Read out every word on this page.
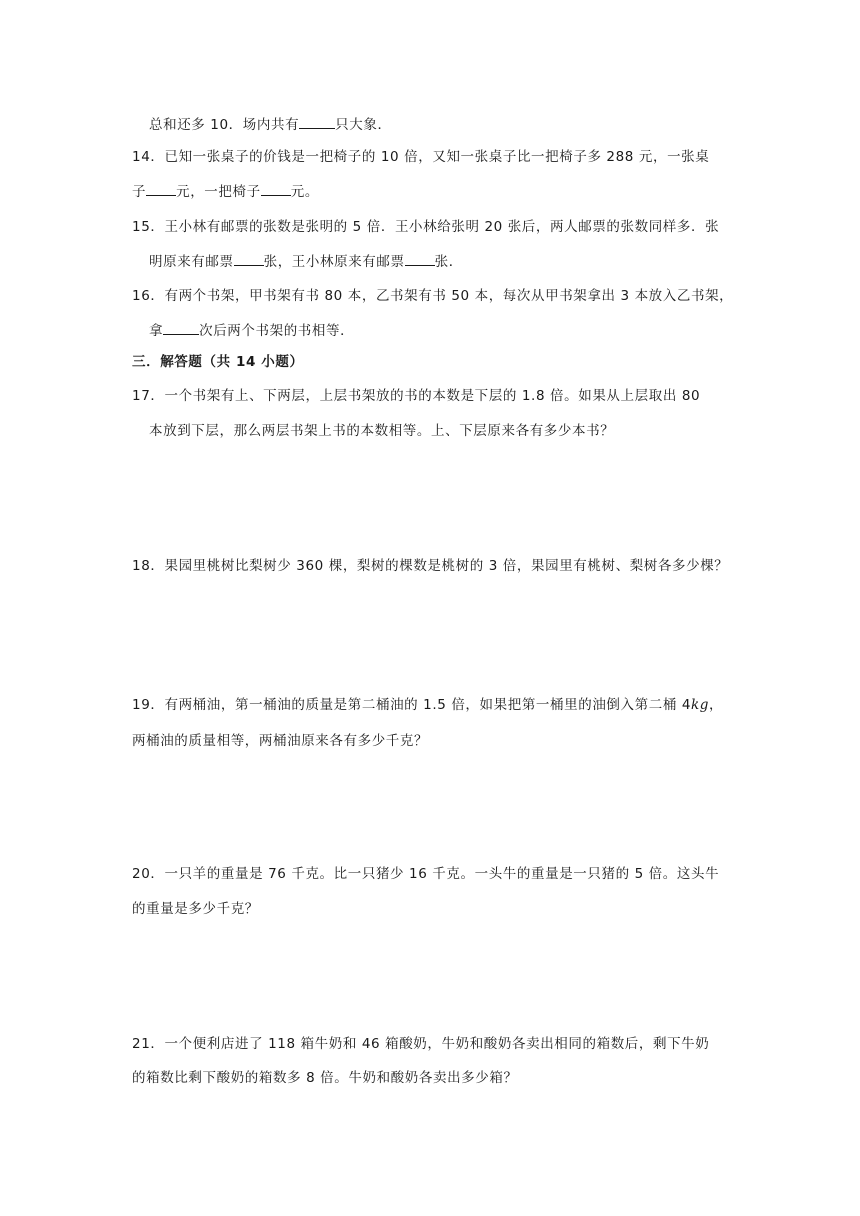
总和还多 10．场内共有	只大象．
14．已知一张桌子的价钱是一把椅子的 10 倍，又知一张桌子比一把椅子多 288 元，一张桌
子 元，一把椅子 元。
15．王小林有邮票的张数是张明的 5 倍．王小林给张明 20 张后，两人邮票的张数同样多．张
明原来有邮票 张，王小林原来有邮票 张．
16．有两个书架，甲书架有书 80 本，乙书架有书 50 本，每次从甲书架拿出 3 本放入乙书架，
拿	次后两个书架的书相等．
三．解答题（共 14 小题）
17．一个书架有上、下两层，上层书架放的书的本数是下层的 1.8 倍。如果从上层取出 80
本放到下层，那么两层书架上书的本数相等。上、下层原来各有多少本书？
18．果园里桃树比梨树少 360 棵，梨树的棵数是桃树的 3 倍，果园里有桃树、梨树各多少棵？
19．有两桶油，第一桶油的质量是第二桶油的 1.5 倍，如果把第一桶里的油倒入第二桶 4kg，
两桶油的质量相等，两桶油原来各有多少千克？
20．一只羊的重量是 76 千克。比一只猪少 16 千克。一头牛的重量是一只猪的 5 倍。这头牛
的重量是多少千克？
21．一个便利店进了 118 箱牛奶和 46 箱酸奶，牛奶和酸奶各卖出相同的箱数后，剩下牛奶
的箱数比剩下酸奶的箱数多 8 倍。牛奶和酸奶各卖出多少箱？
